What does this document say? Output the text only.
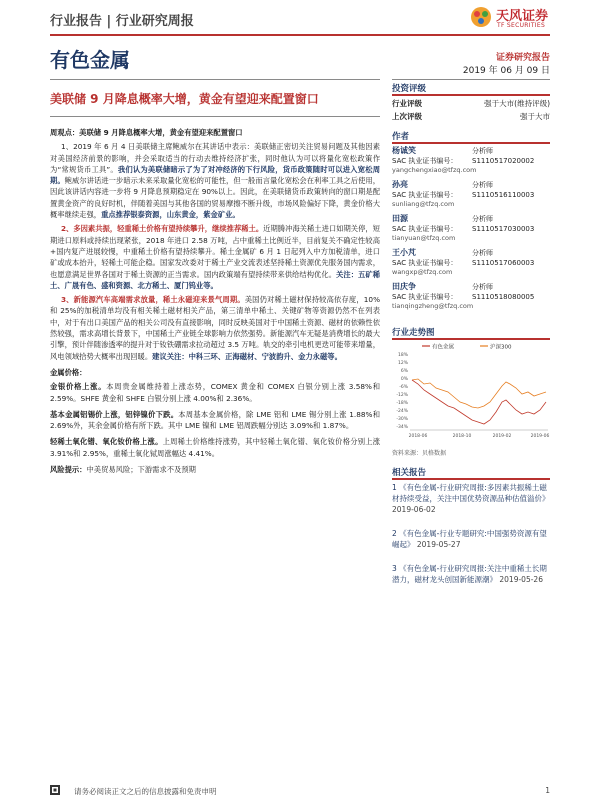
行业报告 | 行业研究周报	天风证券
TF SECURITIES
有色金属	证券研究报告
2019 年 06 月 09 日
美联储 9 月降息概率大增，黄金有望迎来配置窗口

周观点：美联储 9 月降息概率大增，黄金有望迎来配置窗口

1、2019 年 6 月 4 日美联储主席鲍威尔在其讲话中表示：美联储正密切关注贸易问题及其他因素对美国经济前景的影响，并会采取适当的行动去维持经济扩张，同时他认为可以将量化宽松政策作为“常规货币工具”。我们认为美联储暗示了为了对冲经济的下行风险，货币政策随时可以进入宽松周期。鲍威尔讲话进一步暗示未来采取量化宽松的可能性，但一般而言量化宽松会在利率工具之后使用，因此该讲话内容进一步将 9 月降息预期稳定在 90%以上。因此，在美联储货币政策转向的窗口期是配置黄金资产的良好时机，伴随着美国与其他各国的贸易摩擦不断升级，市场风险偏好下降，黄金价格大概率继续走强，重点推荐银泰资源，山东黄金，紫金矿业。

2、多因素共振，轻重稀土价格有望持续攀升，继续推荐稀土。近期腾冲海关稀土进口如期关停，短期进口原料或持续出现紧张，2018 年进口 2.58 万吨，占中重稀土比例近半，目前复关不确定性较高+国内复产进展较慢，中重稀土价格有望持续攀升。稀土金属矿 6 月 1 日起列入中方加税清单，进口矿或成本抬升，轻稀土可能企稳。国家发改委对于稀土产业交流表述坚持稀土资源优先服务国内需求，也愿意满足世界各国对于稀土资源的正当需求。国内政策端有望持续带来供给结构优化。关注：五矿稀土、广晟有色、盛和资源、北方稀土、厦门钨业等。

3、新能源汽车高端需求放量，稀土永磁迎来景气周期。美国仍对稀土磁材保持较高依存度，10%和 25%的加税清单均没有相关稀土磁材相关产品，第三清单中稀土、关键矿物等资源仍然不在列表中，对于有出口美国产品的相关公司没有直接影响，同时反映美国对于中国稀土资源、磁材的依赖性依然较强，需求高增长背景下，中国稀土产业链全球影响力依然强势。新能源汽车无疑是消费增长的最大引擎，预计伴随渗透率的提升对于钕铁硼需求拉动超过 3.5 万吨。轨交的牵引电机更迭可能带来增量，风电领域拾势大概率出现回暖。建议关注：中科三环、正海磁材、宁波韵升、金力永磁等。

金属价格：

金银价格上涨。本周贵金属维持着上涨态势，COMEX 黄金和 COMEX 白银分别上涨 3.58%和 2.59%。SHFE 黄金和 SHFE 白银分别上涨 4.00%和 2.36%。

基本金属铝锡价上涨，铝锌镍价下跌。本周基本金属价格，除 LME 铝和 LME 锡分别上涨 1.88%和 2.69%外，其余金属价格有所下跌。其中 LME 镍和 LME 铝周跌幅分别达 3.09%和 1.87%。

轻稀土氧化镨、氧化钕价格上涨。上周稀土价格维持涨势，其中轻稀土氧化镨、氧化钕价格分别上涨 3.91%和 2.95%，重稀土氧化铽周涨幅达 4.41%。

风险提示：中美贸易风险；下游需求不及预期

投资评级
行业评级	强于大市(维持评级)
上次评级	强于大市
作者
杨诚笑	分析师
SAC 执业证书编号： S1110517020002
yangchengxiao@tfzq.com
孙亮	分析师
SAC 执业证书编号： S1110516110003
sunliang@tfzq.com
田源	分析师
SAC 执业证书编号： S1110517030003
tianyuan@tfzq.com
王小芃	分析师
SAC 执业证书编号： S1110517060003
wangxp@tfzq.com
田庆争	分析师
SAC 执业证书编号： S1110518080005
tianqingzheng@tfzq.com
行业走势图
有色金属	沪深300
18%
12%
6%
0%
-6%
-12%
-18%
-24%
-30%
-34%
2018-06	2018-10	2019-02	2019-06
资料来源：贝格数据
相关报告
1 《有色金属-行业研究周报:多因素共振稀土磁材持续受益，关注中国优势资源品种估值溢价》 2019-06-02
2 《有色金属-行业专题研究:中国强势资源有望崛起》 2019-05-27
3 《有色金属-行业研究周报:关注中重稀土长期潜力，磁材龙头创国新能源潮》 2019-05-26
请务必阅读正文之后的信息披露和免责申明	1
